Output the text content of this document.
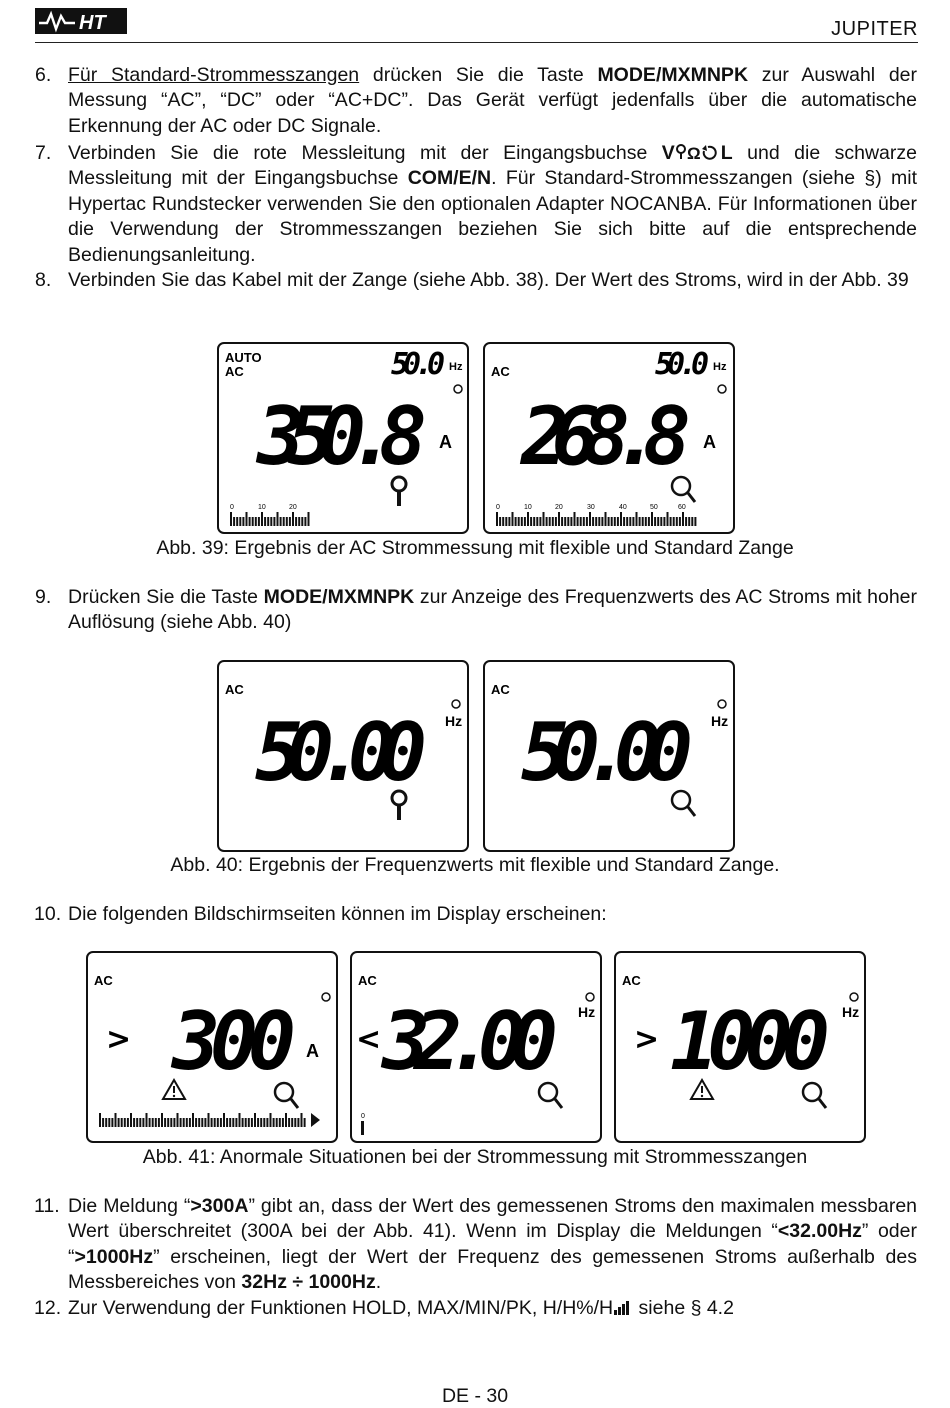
HT	JUPITER

6. Für Standard-Strommesszangen drücken Sie die Taste MODE/MXMNPK zur Auswahl der Messung “AC”, “DC” oder “AC+DC”. Das Gerät verfügt jedenfalls über die automatische Erkennung der AC oder DC Signale.

7. Verbinden Sie die rote Messleitung mit der Eingangsbuchse V Ω L und die schwarze Messleitung mit der Eingangsbuchse COM/E/N. Für Standard-Strommesszangen (siehe §) mit Hypertac Rundstecker verwenden Sie den optionalen Adapter NOCANBA. Für Informationen über die Verwendung der Strommesszangen beziehen Sie sich bitte auf die entsprechende Bedienungsanleitung.

8. Verbinden Sie das Kabel mit der Zange (siehe Abb. 38). Der Wert des Stroms, wird in der Abb. 39

AUTO
AC	50.0 Hz
350.8 A
0	10	20
AC	50.0 Hz
268.8 A
0	10	20	30	40	50	60
Abb. 39: Ergebnis der AC Strommessung mit flexible und Standard Zange

9. Drücken Sie die Taste MODE/MXMNPK zur Anzeige des Frequenzwerts des AC Stroms mit hoher Auflösung (siehe Abb. 40)

AC
50.00 Hz
AC
50.00 Hz
Abb. 40: Ergebnis der Frequenzwerts mit flexible und Standard Zange.

10. Die folgenden Bildschirmseiten können im Display erscheinen:

AC
> 300 A
AC
Hz
< 32.00
0
AC
Hz
> 1000
Abb. 41: Anormale Situationen bei der Strommessung mit Strommesszangen

11. Die Meldung “>300A” gibt an, dass der Wert des gemessenen Stroms den maximalen messbaren Wert überschreitet (300A bei der Abb. 41). Wenn im Display die Meldungen “<32.00Hz” oder “>1000Hz” erscheinen, liegt der Wert der Frequenz des gemessenen Stroms außerhalb des Messbereiches von 32Hz ÷ 1000Hz.

12. Zur Verwendung der Funktionen HOLD, MAX/MIN/PK, H/H%/H siehe § 4.2

DE - 30
